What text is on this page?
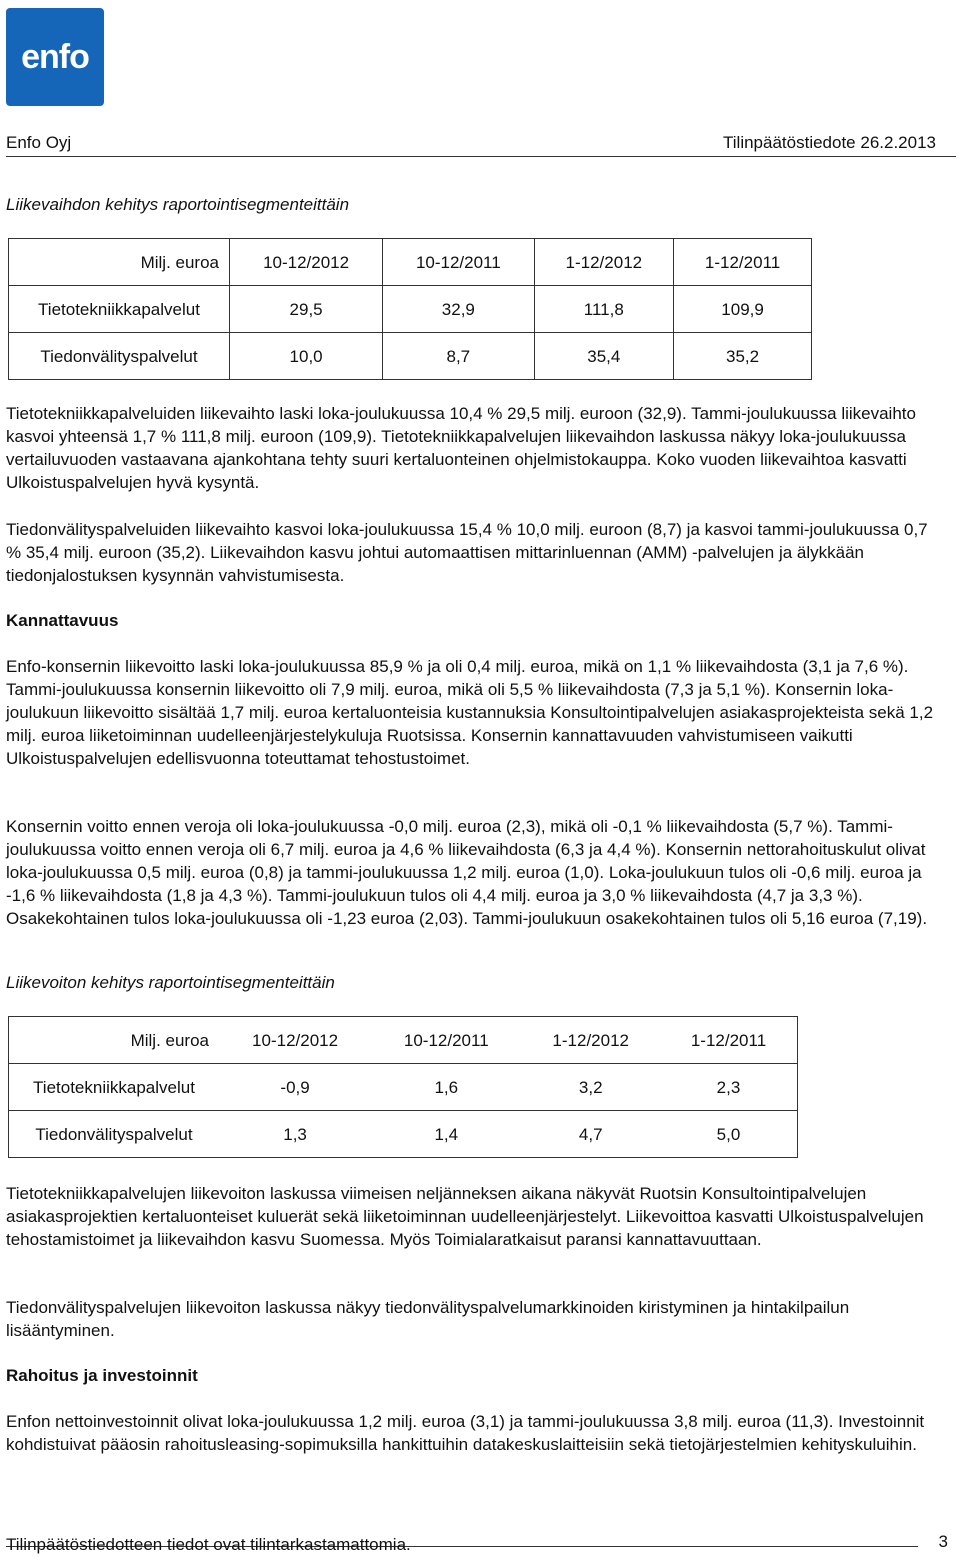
enfo
Enfo Oyj	Tilinpäätöstiedote 26.2.2013
Liikevaihdon kehitys raportointisegmenteittäin
Milj. euroa	10-12/2012	10-12/2011	1-12/2012	1-12/2011
Tietotekniikkapalvelut	29,5	32,9	111,8	109,9
Tiedonvälityspalvelut	10,0	8,7	35,4	35,2
Tietotekniikkapalveluiden liikevaihto laski loka-joulukuussa 10,4 % 29,5 milj. euroon (32,9). Tammi-joulukuussa liikevaihto kasvoi yhteensä 1,7 % 111,8 milj. euroon (109,9). Tietotekniikkapalvelujen liikevaihdon laskussa näkyy loka-joulukuussa vertailuvuoden vastaavana ajankohtana tehty suuri kertaluonteinen ohjelmistokauppa. Koko vuoden liikevaihtoa kasvatti Ulkoistuspalvelujen hyvä kysyntä.
Tiedonvälityspalveluiden liikevaihto kasvoi loka-joulukuussa 15,4 % 10,0 milj. euroon (8,7) ja kasvoi tammi-joulukuussa 0,7 % 35,4 milj. euroon (35,2). Liikevaihdon kasvu johtui automaattisen mittarinluennan (AMM) -palvelujen ja älykkään tiedonjalostuksen kysynnän vahvistumisesta.
Kannattavuus
Enfo-konsernin liikevoitto laski loka-joulukuussa 85,9 % ja oli 0,4 milj. euroa, mikä on 1,1 % liikevaihdosta (3,1 ja 7,6 %). Tammi-joulukuussa konsernin liikevoitto oli 7,9 milj. euroa, mikä oli 5,5 % liikevaihdosta (7,3 ja 5,1 %). Konsernin loka-joulukuun liikevoitto sisältää 1,7 milj. euroa kertaluonteisia kustannuksia Konsultointipalvelujen asiakasprojekteista sekä 1,2 milj. euroa liiketoiminnan uudelleenjärjestelykuluja Ruotsissa. Konsernin kannattavuuden vahvistumiseen vaikutti Ulkoistuspalvelujen edellisvuonna toteuttamat tehostustoimet.
Konsernin voitto ennen veroja oli loka-joulukuussa -0,0 milj. euroa (2,3), mikä oli -0,1 % liikevaihdosta (5,7 %). Tammi-joulukuussa voitto ennen veroja oli 6,7 milj. euroa ja 4,6 % liikevaihdosta (6,3 ja 4,4 %). Konsernin nettorahoituskulut olivat loka-joulukuussa 0,5 milj. euroa (0,8) ja tammi-joulukuussa 1,2 milj. euroa (1,0). Loka-joulukuun tulos oli -0,6 milj. euroa ja -1,6 % liikevaihdosta (1,8 ja 4,3 %). Tammi-joulukuun tulos oli 4,4 milj. euroa ja 3,0 % liikevaihdosta (4,7 ja 3,3 %). Osakekohtainen tulos loka-joulukuussa oli -1,23 euroa (2,03). Tammi-joulukuun osakekohtainen tulos oli 5,16 euroa (7,19).
Liikevoiton kehitys raportointisegmenteittäin
Milj. euroa	10-12/2012	10-12/2011	1-12/2012	1-12/2011
Tietotekniikkapalvelut	-0,9	1,6	3,2	2,3
Tiedonvälityspalvelut	1,3	1,4	4,7	5,0
Tietotekniikkapalvelujen liikevoiton laskussa viimeisen neljänneksen aikana näkyvät Ruotsin Konsultointipalvelujen asiakasprojektien kertaluonteiset kuluerät sekä liiketoiminnan uudelleenjärjestelyt. Liikevoittoa kasvatti Ulkoistuspalvelujen tehostamistoimet ja liikevaihdon kasvu Suomessa. Myös Toimialaratkaisut paransi kannattavuuttaan.
Tiedonvälityspalvelujen liikevoiton laskussa näkyy tiedonvälityspalvelumarkkinoiden kiristyminen ja hintakilpailun lisääntyminen.
Rahoitus ja investoinnit
Enfon nettoinvestoinnit olivat loka-joulukuussa 1,2 milj. euroa (3,1) ja tammi-joulukuussa 3,8 milj. euroa (11,3). Investoinnit kohdistuivat pääosin rahoitusleasing-sopimuksilla hankittuihin datakeskuslaitteisiin sekä tietojärjestelmien kehityskuluihin.
3
Tilinpäätöstiedotteen tiedot ovat tilintarkastamattomia.
